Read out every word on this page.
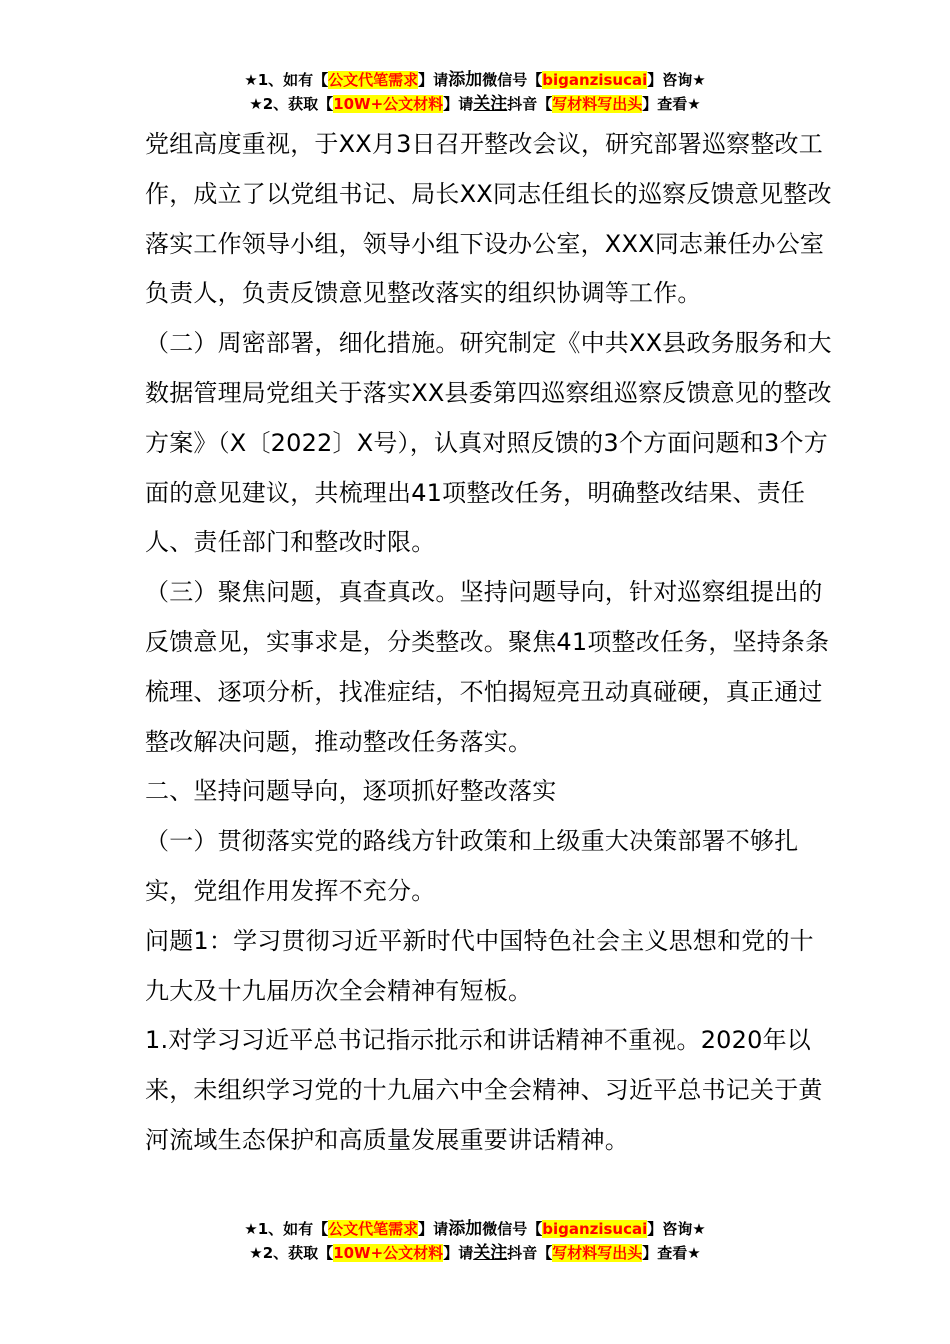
★1、如有【公文代笔需求】请添加微信号【biganzisucai】咨询★
★2、获取【10W+公文材料】请关注抖音【写材料写出头】查看★

党组高度重视，于XX月3日召开整改会议，研究部署巡察整改工作，成立了以党组书记、局长XX同志任组长的巡察反馈意见整改落实工作领导小组，领导小组下设办公室，XXX同志兼任办公室负责人，负责反馈意见整改落实的组织协调等工作。

（二）周密部署，细化措施。研究制定《中共XX县政务服务和大数据管理局党组关于落实XX县委第四巡察组巡察反馈意见的整改方案》（X〔2022〕X号），认真对照反馈的3个方面问题和3个方面的意见建议，共梳理出41项整改任务，明确整改结果、责任人、责任部门和整改时限。

（三）聚焦问题，真查真改。坚持问题导向，针对巡察组提出的反馈意见，实事求是，分类整改。聚焦41项整改任务，坚持条条梳理、逐项分析，找准症结，不怕揭短亮丑动真碰硬，真正通过整改解决问题，推动整改任务落实。

二、坚持问题导向，逐项抓好整改落实

（一）贯彻落实党的路线方针政策和上级重大决策部署不够扎实，党组作用发挥不充分。

问题1：学习贯彻习近平新时代中国特色社会主义思想和党的十九大及十九届历次全会精神有短板。

1.对学习习近平总书记指示批示和讲话精神不重视。2020年以来，未组织学习党的十九届六中全会精神、习近平总书记关于黄河流域生态保护和高质量发展重要讲话精神。

★1、如有【公文代笔需求】请添加微信号【biganzisucai】咨询★
★2、获取【10W+公文材料】请关注抖音【写材料写出头】查看★
